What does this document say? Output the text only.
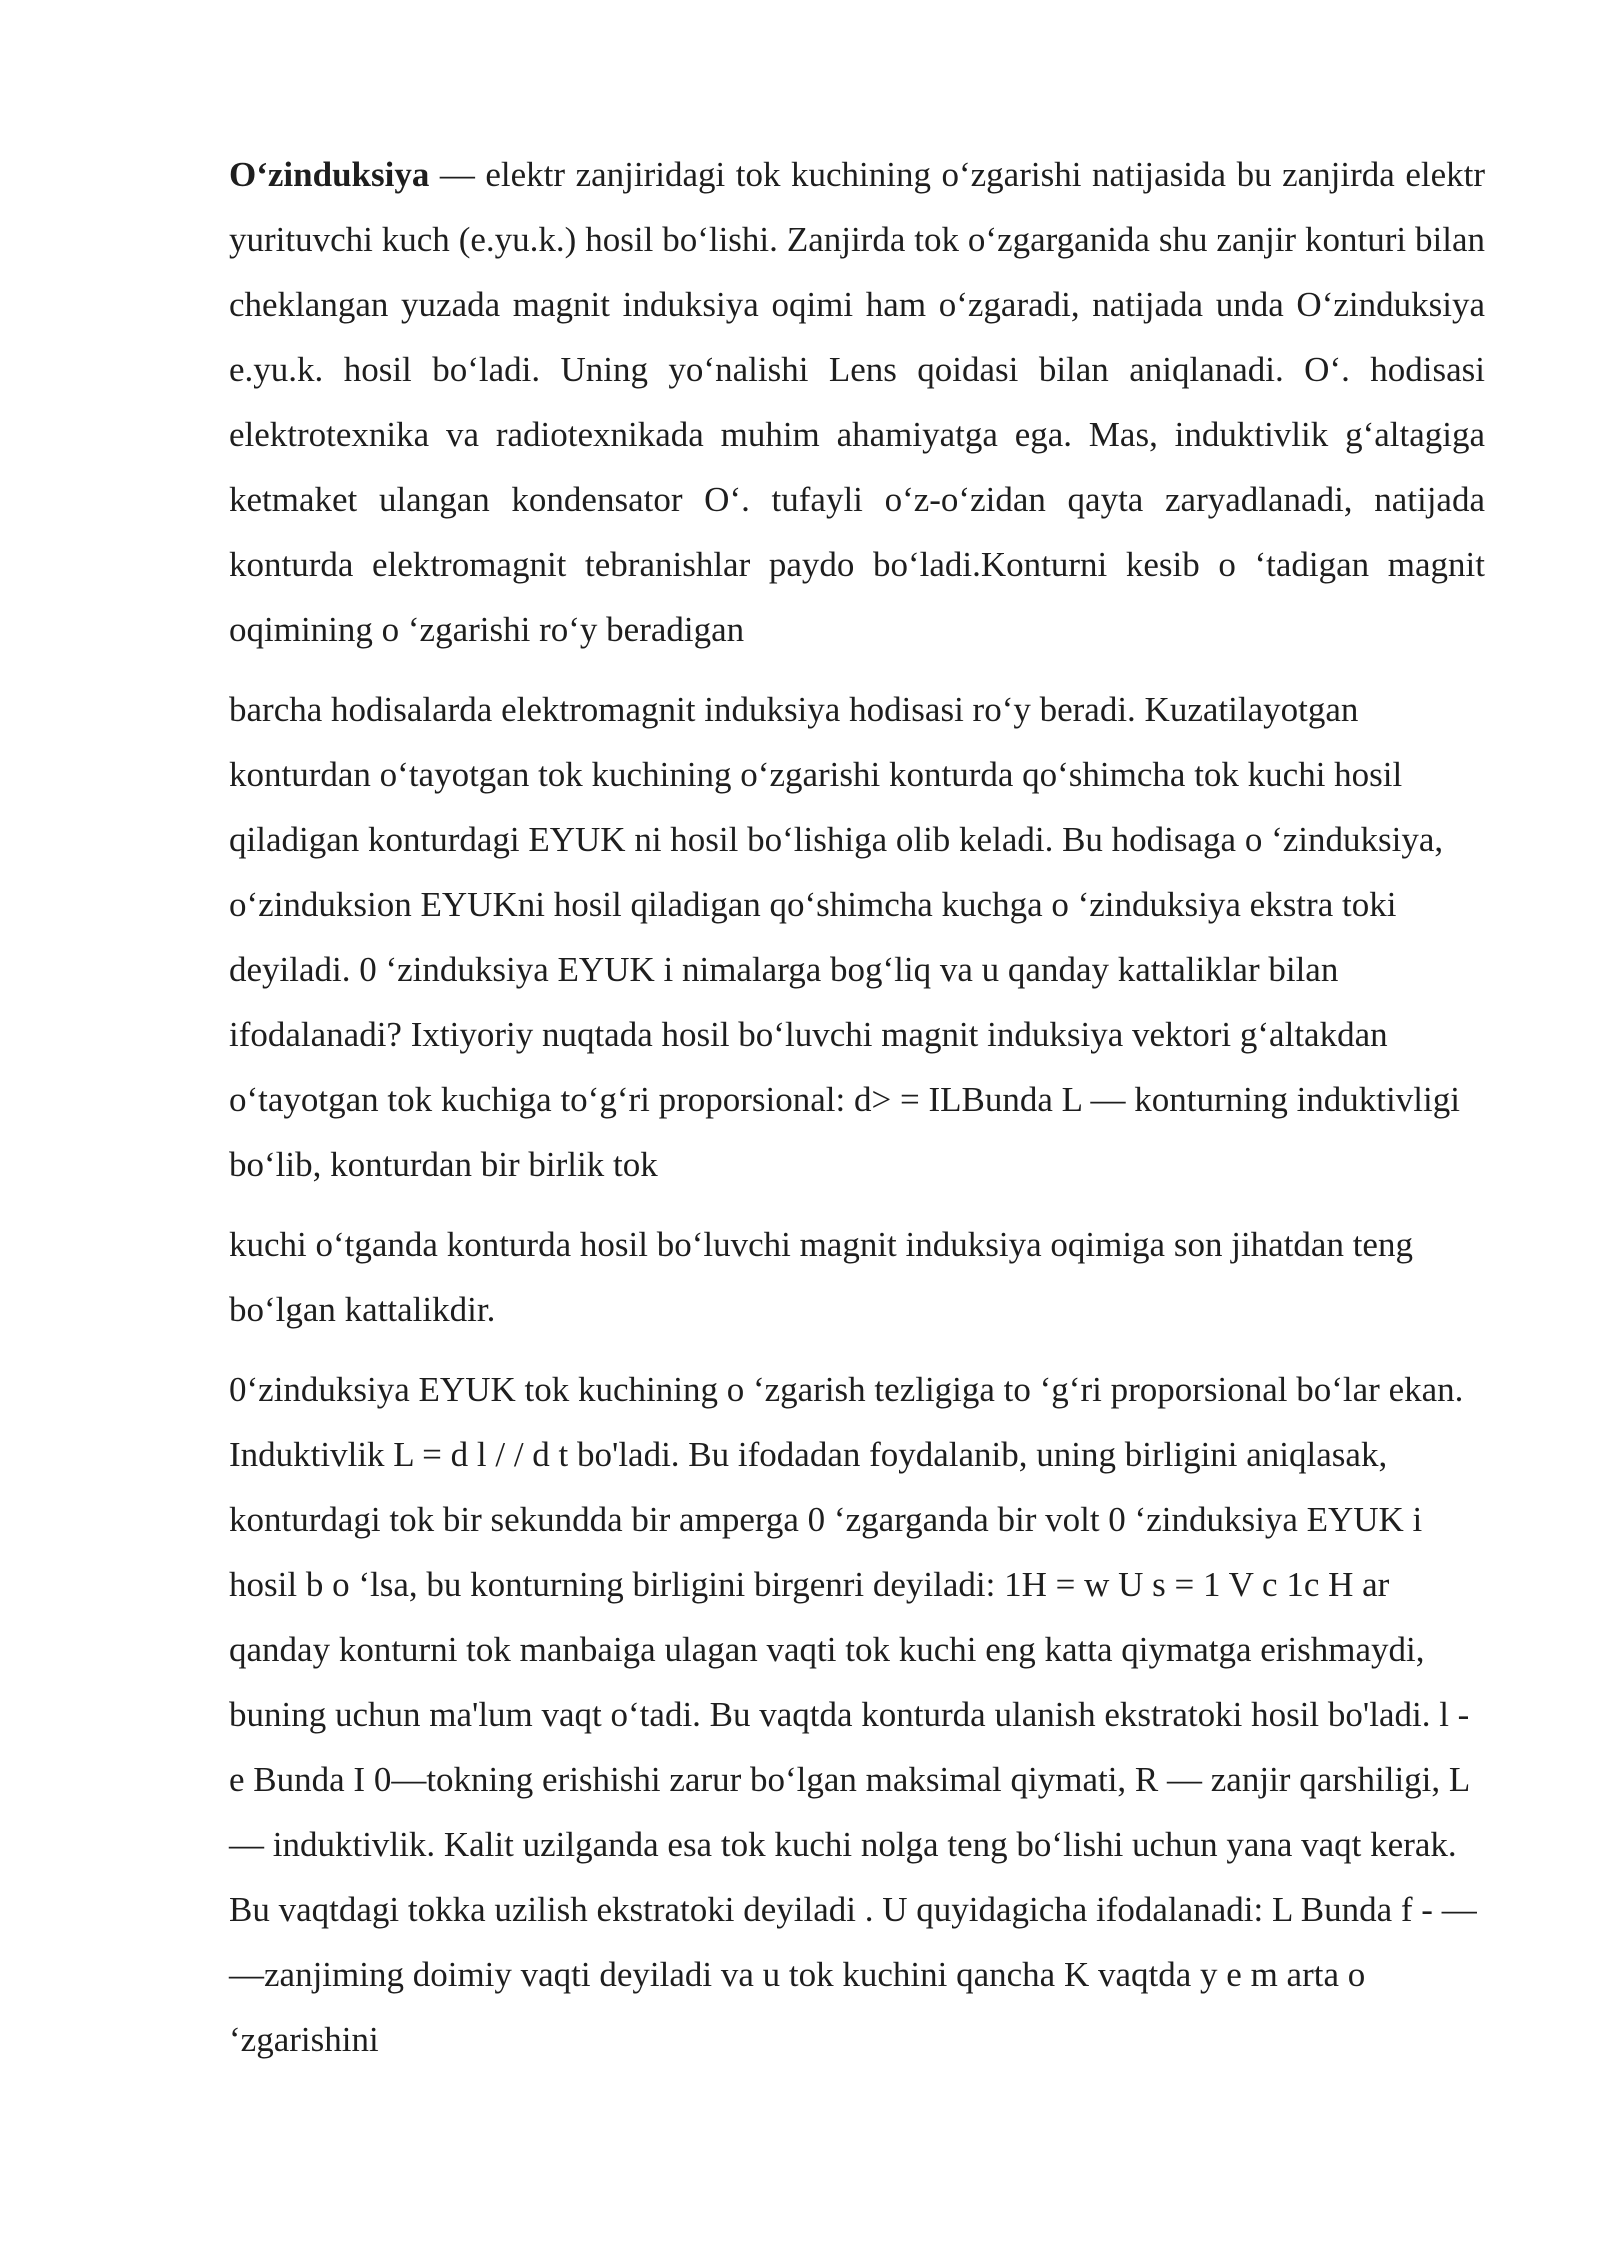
O‘zinduksiya — elektr zanjiridagi tok kuchining o‘zgarishi natijasida bu zanjirda elektr yurituvchi kuch (e.yu.k.) hosil bo‘lishi. Zanjirda tok o‘zgarganida shu zanjir konturi bilan cheklangan yuzada magnit induksiya oqimi ham o‘zgaradi, natijada unda O‘zinduksiya e.yu.k. hosil bo‘ladi. Uning yo‘nalishi Lens qoidasi bilan aniqlanadi. O‘. hodisasi elektrotexnika va radiotexnikada muhim ahamiyatga ega. Mas, induktivlik g‘altagiga ketmaket ulangan kondensator O‘. tufayli o‘z-o‘zidan qayta zaryadlanadi, natijada konturda elektromagnit tebranishlar paydo bo‘ladi.Konturni kesib o ‘tadigan magnit oqimining o ‘zgarishi ro‘y beradigan

barcha hodisalarda elektromagnit induksiya hodisasi ro‘y beradi. Kuzatilayotgan konturdan o‘tayotgan tok kuchining o‘zgarishi konturda qo‘shimcha tok kuchi hosil qiladigan konturdagi EYUK ni hosil bo‘lishiga olib keladi. Bu hodisaga o ‘zinduksiya, o‘zinduksion EYUKni hosil qiladigan qo‘shimcha kuchga o ‘zinduksiya ekstra toki deyiladi. 0 ‘zinduksiya EYUK i nimalarga bog‘liq va u qanday kattaliklar bilan ifodalanadi? Ixtiyoriy nuqtada hosil bo‘luvchi magnit induksiya vektori g‘altakdan o‘tayotgan tok kuchiga to‘g‘ri proporsional: d> = ILBunda L — konturning induktivligi bo‘lib, konturdan bir birlik tok

kuchi o‘tganda konturda hosil bo‘luvchi magnit induksiya oqimiga son jihatdan teng bo‘lgan kattalikdir.

0‘zinduksiya EYUK tok kuchining o ‘zgarish tezligiga to ‘g‘ri proporsional bo‘lar ekan. Induktivlik L = d l / / d t bo'ladi. Bu ifodadan foydalanib, uning birligini aniqlasak, konturdagi tok bir sekundda bir amperga 0 ‘zgarganda bir volt 0 ‘zinduksiya EYUK i hosil b o ‘lsa, bu konturning birligini birgenri deyiladi: 1H = w U s = 1 V c 1c H ar qanday konturni tok manbaiga ulagan vaqti tok kuchi eng katta qiymatga erishmaydi, buning uchun ma'lum vaqt o‘tadi. Bu vaqtda konturda ulanish ekstratoki hosil bo'ladi. l - e Bunda I 0—tokning erishishi zarur bo‘lgan maksimal qiymati, R — zanjir qarshiligi, L — induktivlik. Kalit uzilganda esa tok kuchi nolga teng bo‘lishi uchun yana vaqt kerak. Bu vaqtdagi tokka uzilish ekstratoki deyiladi . U quyidagicha ifodalanadi: L Bunda f - — —zanjiming doimiy vaqti deyiladi va u tok kuchini qancha K vaqtda y e m arta o ‘zgarishini
